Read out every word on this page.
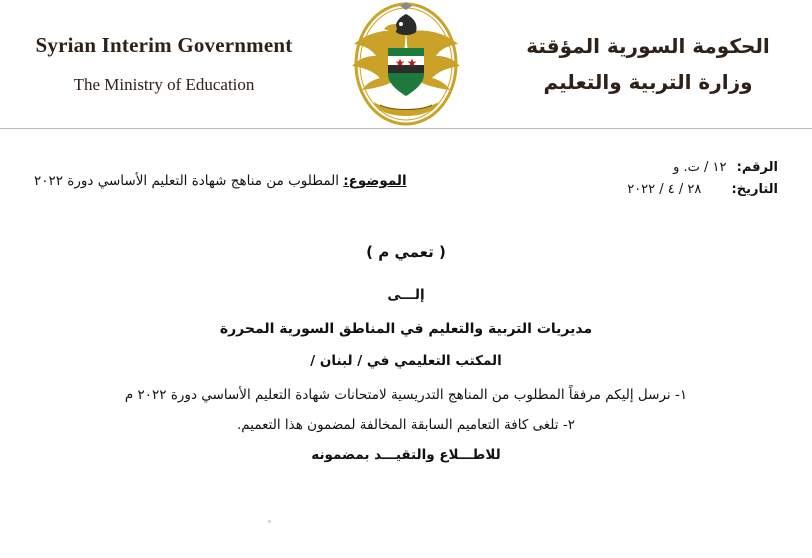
Syrian Interim Government
The Ministry of Education
الحكومة السورية المؤقتة
وزارة التربية والتعليم
الرقم: ١٢ / ت. و
التاريخ: ٢٨ / ٤ / ٢٠٢٢
الموضوع: المطلوب من مناهج شهادة التعليم الأساسي دورة ٢٠٢٢
( تعمي م )
إلـــى
مديريات التربية والتعليم في المناطق السورية المحررة
المكتب التعليمي في / لبنان /
١- نرسل إليكم مرفقاً المطلوب من المناهج التدريسية لامتحانات شهادة التعليم الأساسي دورة ٢٠٢٢ م
٢- تلغى كافة التعاميم السابقة المخالفة لمضمون هذا التعميم.
للاطـــلاع والتقيـــد بمضمونه
